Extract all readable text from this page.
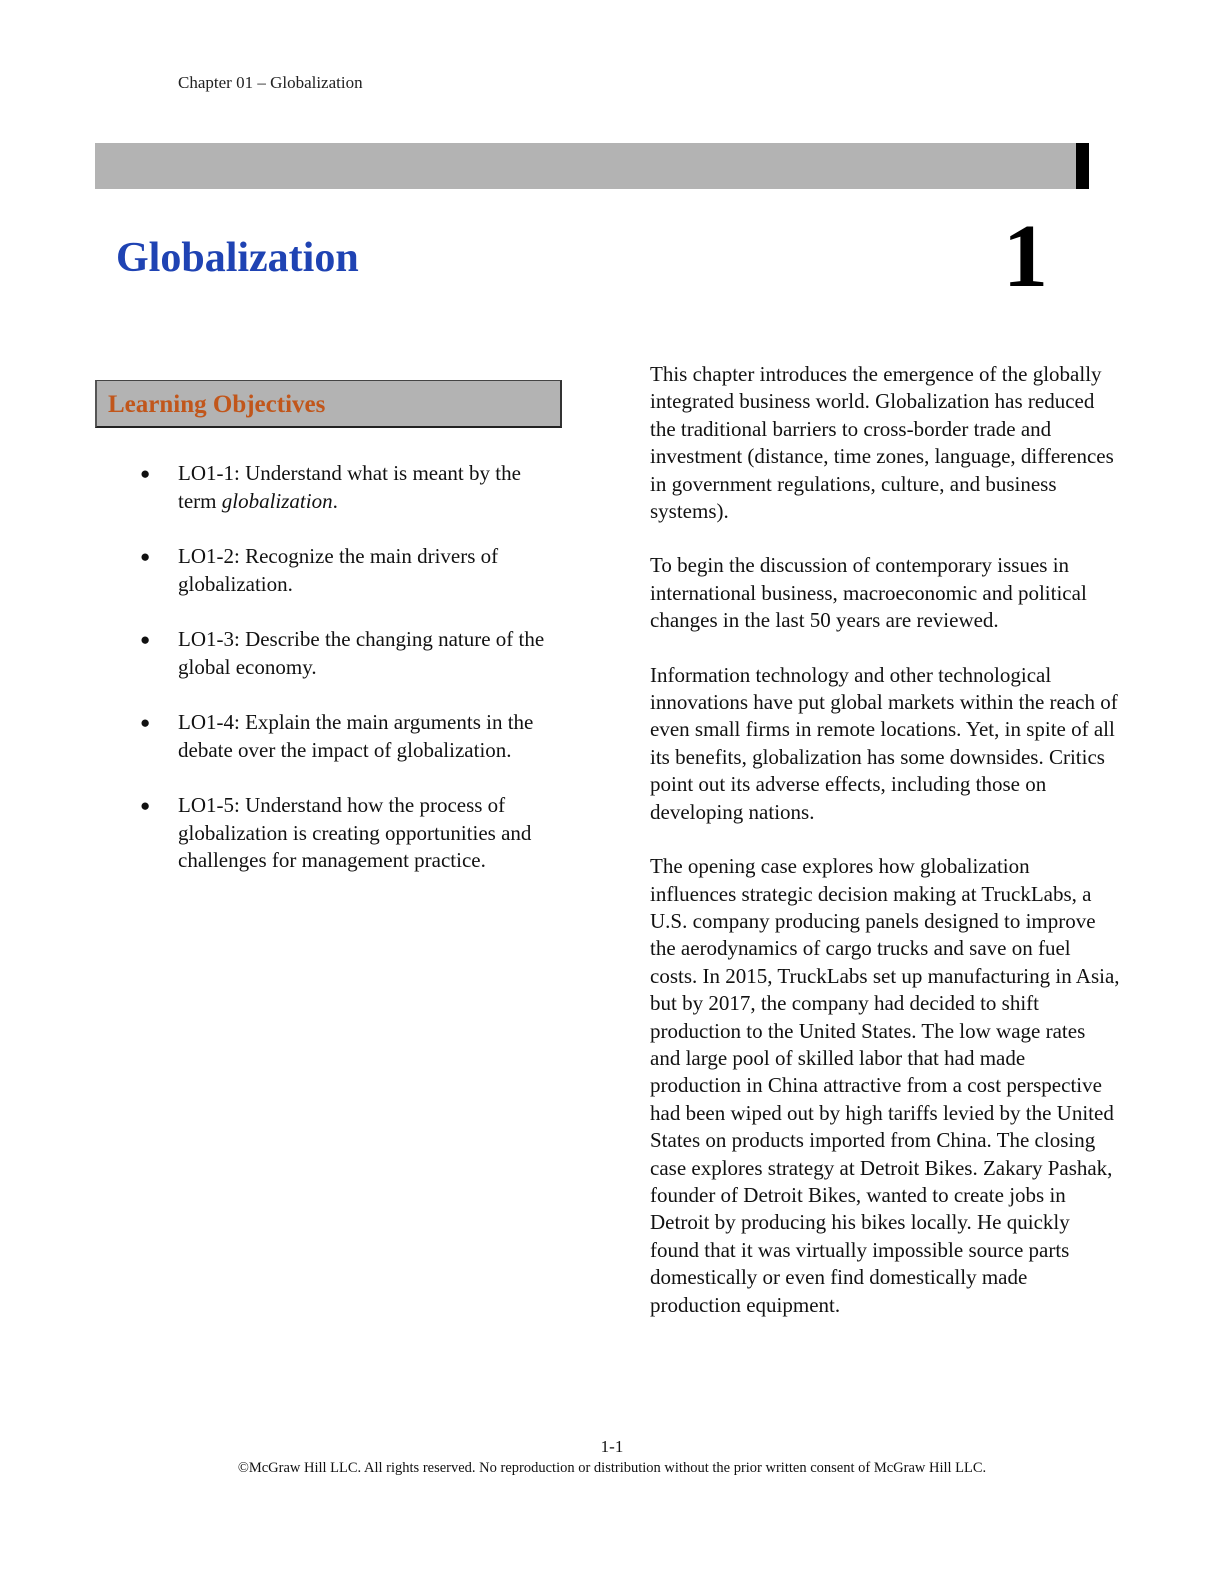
Chapter 01 – Globalization
Globalization	1
Learning Objectives
● LO1-1: Understand what is meant by the term globalization.
● LO1-2: Recognize the main drivers of globalization.
● LO1-3: Describe the changing nature of the global economy.
● LO1-4: Explain the main arguments in the debate over the impact of globalization.
● LO1-5: Understand how the process of globalization is creating opportunities and challenges for management practice.

This chapter introduces the emergence of the globally integrated business world. Globalization has reduced the traditional barriers to cross-border trade and investment (distance, time zones, language, differences in government regulations, culture, and business systems).

To begin the discussion of contemporary issues in international business, macroeconomic and political changes in the last 50 years are reviewed.

Information technology and other technological innovations have put global markets within the reach of even small firms in remote locations. Yet, in spite of all its benefits, globalization has some downsides. Critics point out its adverse effects, including those on developing nations.

The opening case explores how globalization influences strategic decision making at TruckLabs, a U.S. company producing panels designed to improve the aerodynamics of cargo trucks and save on fuel costs. In 2015, TruckLabs set up manufacturing in Asia, but by 2017, the company had decided to shift production to the United States. The low wage rates and large pool of skilled labor that had made production in China attractive from a cost perspective had been wiped out by high tariffs levied by the United States on products imported from China. The closing case explores strategy at Detroit Bikes. Zakary Pashak, founder of Detroit Bikes, wanted to create jobs in Detroit by producing his bikes locally. He quickly found that it was virtually impossible source parts domestically or even find domestically made production equipment.

1-1
©McGraw Hill LLC. All rights reserved. No reproduction or distribution without the prior written consent of McGraw Hill LLC.
